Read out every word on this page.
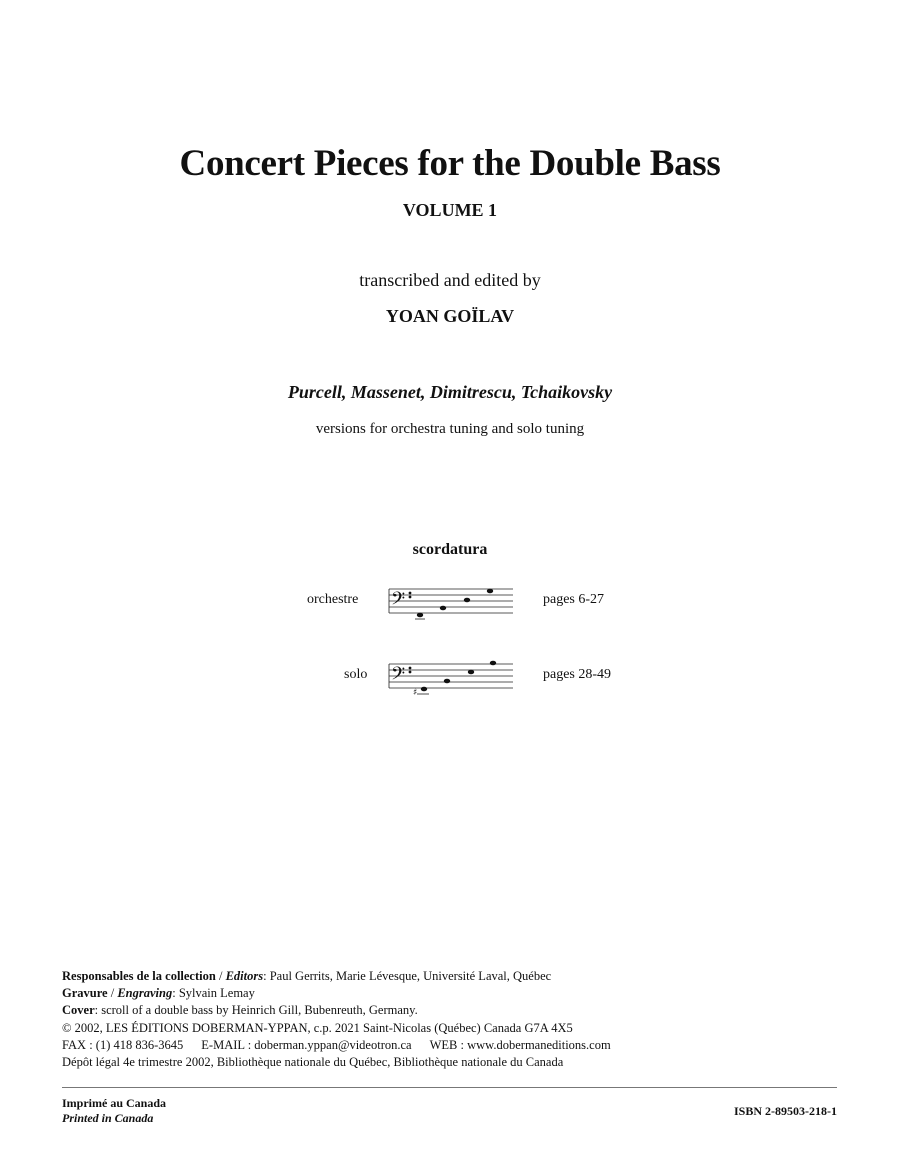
Concert Pieces for the Double Bass
VOLUME 1
transcribed and edited by
YOAN GOÏLAV
Purcell, Massenet, Dimitrescu, Tchaikovsky
versions for orchestra tuning and solo tuning
scordatura
orchestre 𝄢	pages 6-27
solo 𝄢
♯
pages 28-49
Responsables de la collection / Editors: Paul Gerrits, Marie Lévesque, Université Laval, Québec
Gravure / Engraving: Sylvain Lemay
Cover: scroll of a double bass by Heinrich Gill, Bubenreuth, Germany.
© 2002, LES ÉDITIONS DOBERMAN-YPPAN, c.p. 2021 Saint-Nicolas (Québec) Canada G7A 4X5
FAX : (1) 418 836-3645 E-MAIL : doberman.yppan@videotron.ca WEB : www.dobermaneditions.com
Dépôt légal 4e trimestre 2002, Bibliothèque nationale du Québec, Bibliothèque nationale du Canada
Imprimé au Canada
Printed in Canada	ISBN 2-89503-218-1
